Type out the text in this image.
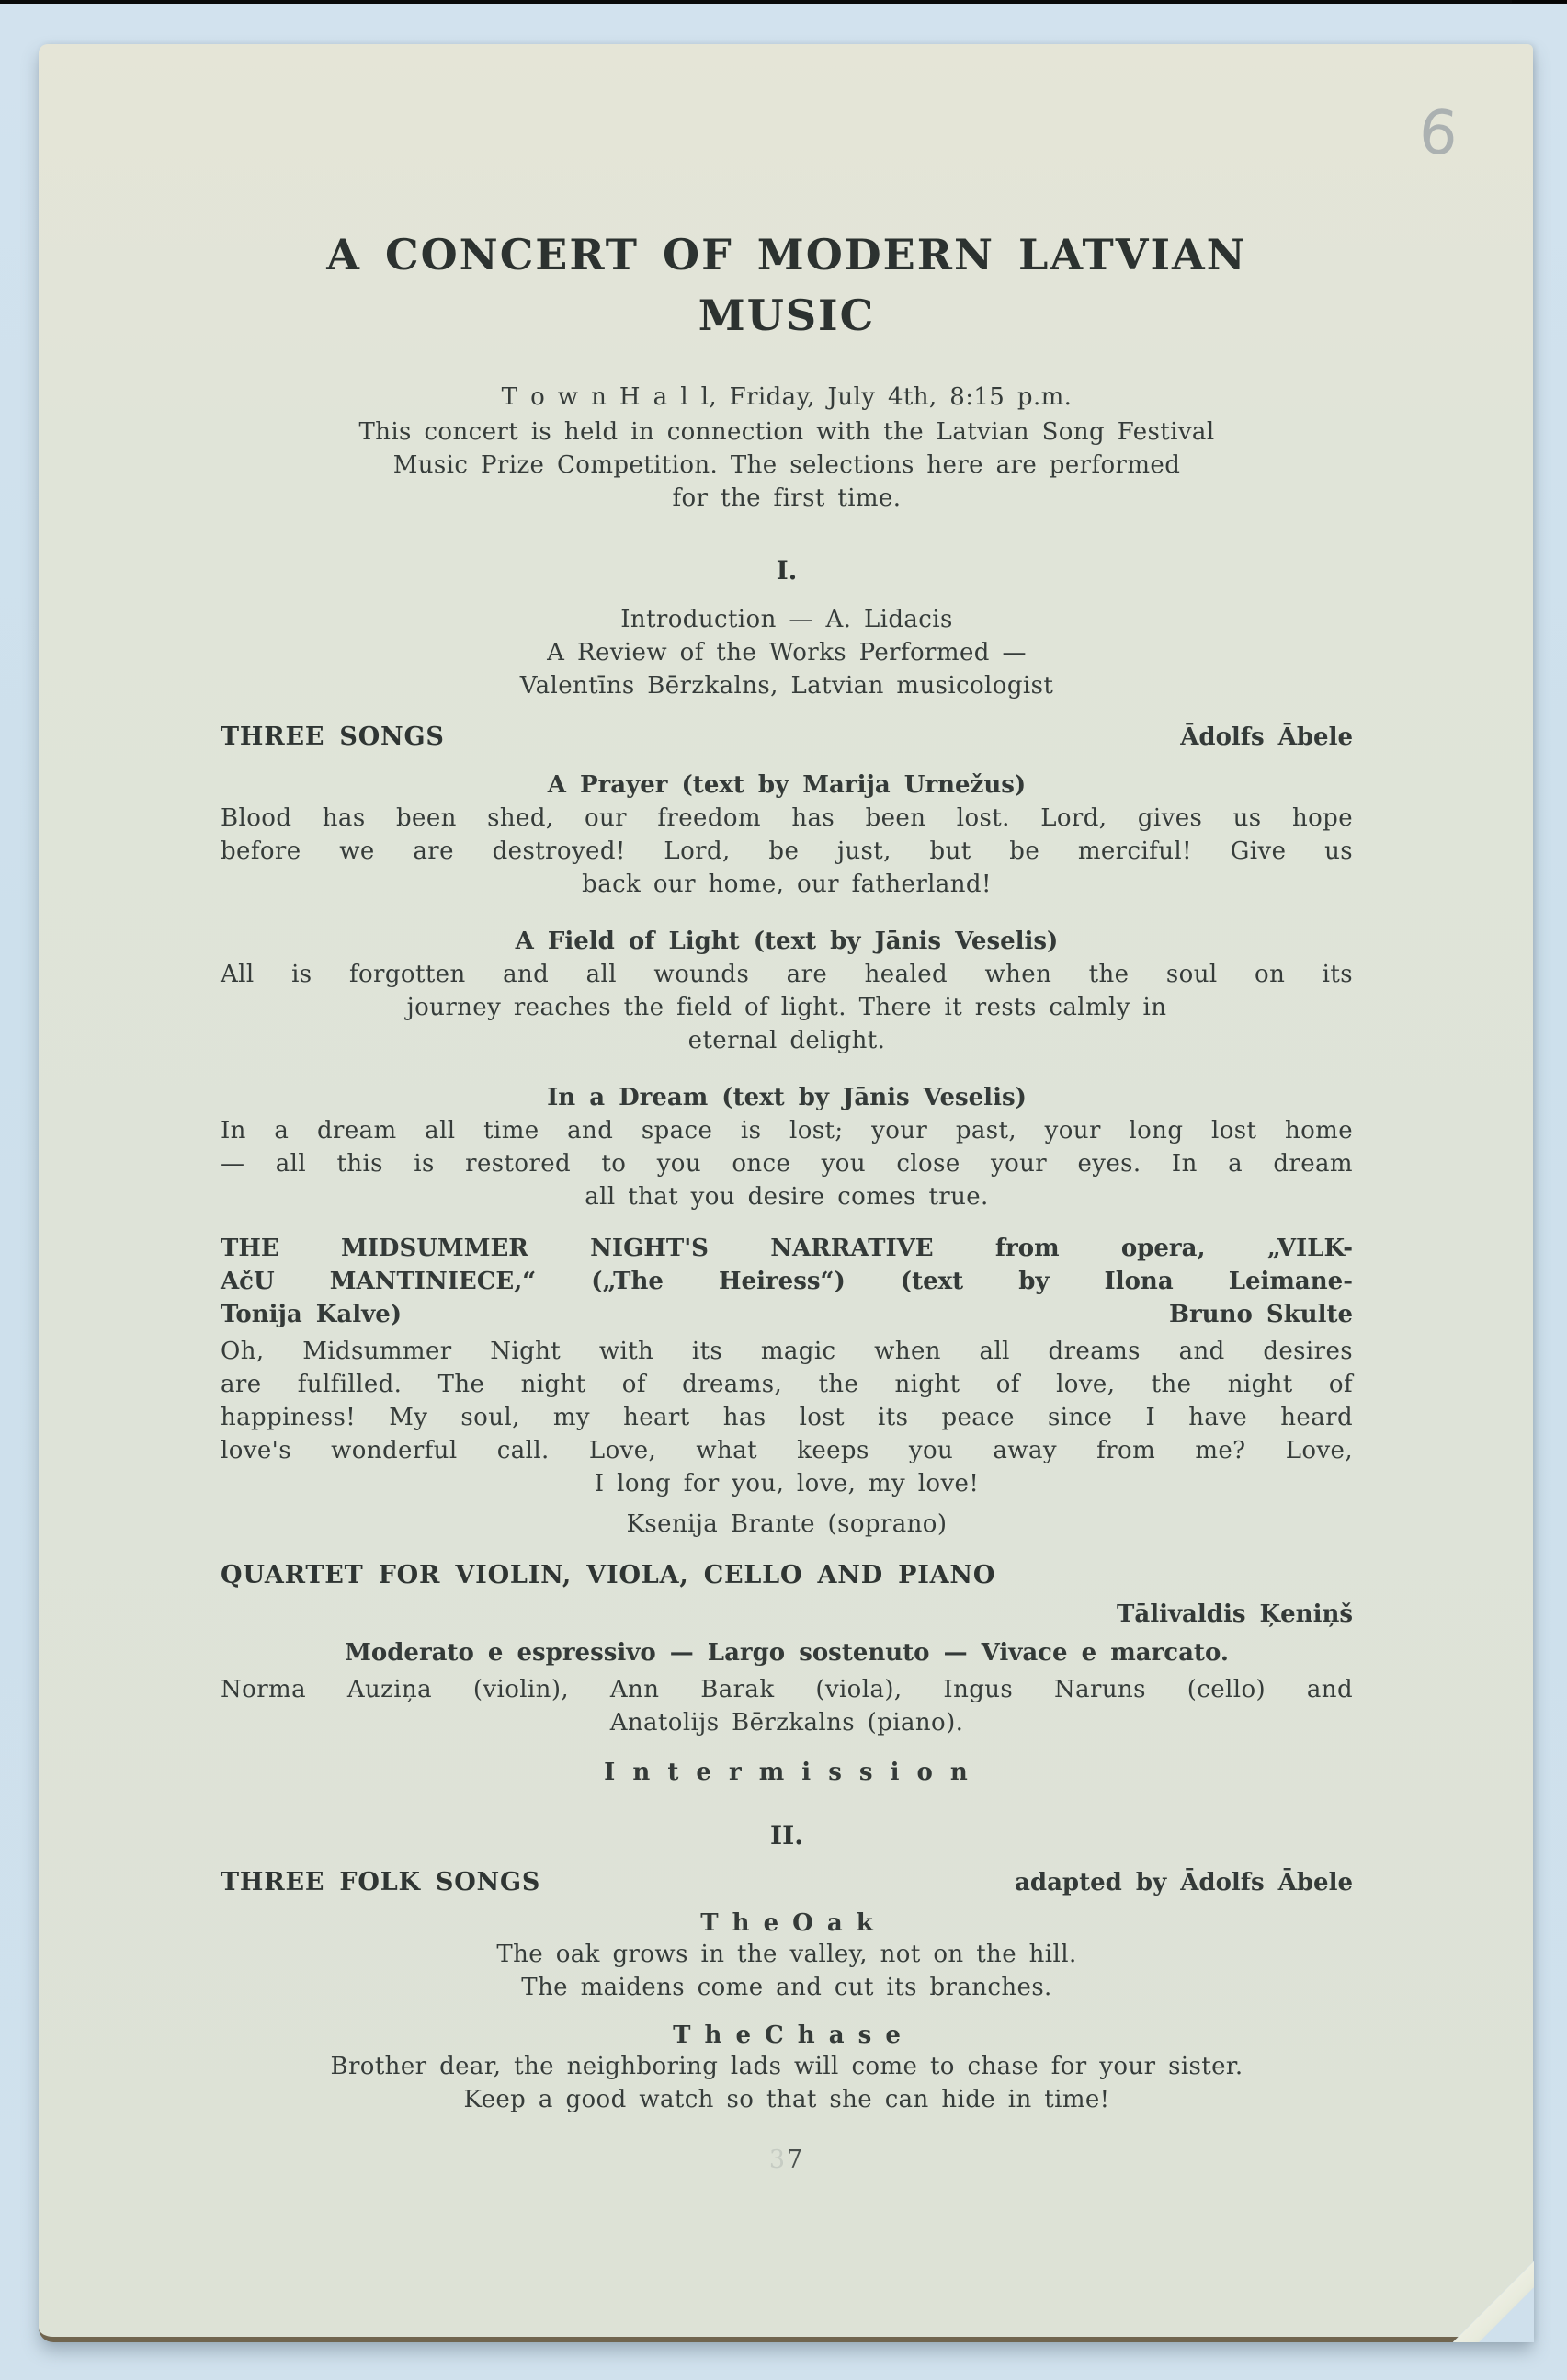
6
A CONCERT OF MODERN LATVIAN
MUSIC
T o w n H a l l, Friday, July 4th, 8:15 p.m.
This concert is held in connection with the Latvian Song Festival
Music Prize Competition. The selections here are performed
for the first time.
I.
Introduction — A. Lidacis
A Review of the Works Performed —
Valentīns Bērzkalns, Latvian musicologist
THREE SONGS	Ādolfs Ābele
A Prayer (text by Marija Urnežus)
Blood has been shed, our freedom has been lost. Lord, gives us hope
before we are destroyed! Lord, be just, but be merciful! Give us
back our home, our fatherland!
A Field of Light (text by Jānis Veselis)
All is forgotten and all wounds are healed when the soul on its
journey reaches the field of light. There it rests calmly in
eternal delight.
In a Dream (text by Jānis Veselis)
In a dream all time and space is lost; your past, your long lost home
— all this is restored to you once you close your eyes. In a dream
all that you desire comes true.
THE MIDSUMMER NIGHT'S NARRATIVE from opera, „VILK-
AčU MANTINIECE,“ („The Heiress“) (text by Ilona Leimane-
Tonija Kalve)	Bruno Skulte
Oh, Midsummer Night with its magic when all dreams and desires
are fulfilled. The night of dreams, the night of love, the night of
happiness! My soul, my heart has lost its peace since I have heard
love's wonderful call. Love, what keeps you away from me? Love,
I long for you, love, my love!
Ksenija Brante (soprano)
QUARTET FOR VIOLIN, VIOLA, CELLO AND PIANO
Tālivaldis Ķeniņš
Moderato e espressivo — Largo sostenuto — Vivace e marcato.
Norma Auziņa (violin), Ann Barak (viola), Ingus Naruns (cello) and
Anatolijs Bērzkalns (piano).
I n t e r m i s s i o n
II.
THREE FOLK SONGS	adapted by Ādolfs Ābele
T h e O a k
The oak grows in the valley, not on the hill.
The maidens come and cut its branches.
T h e C h a s e
Brother dear, the neighboring lads will come to chase for your sister.
Keep a good watch so that she can hide in time!
37
